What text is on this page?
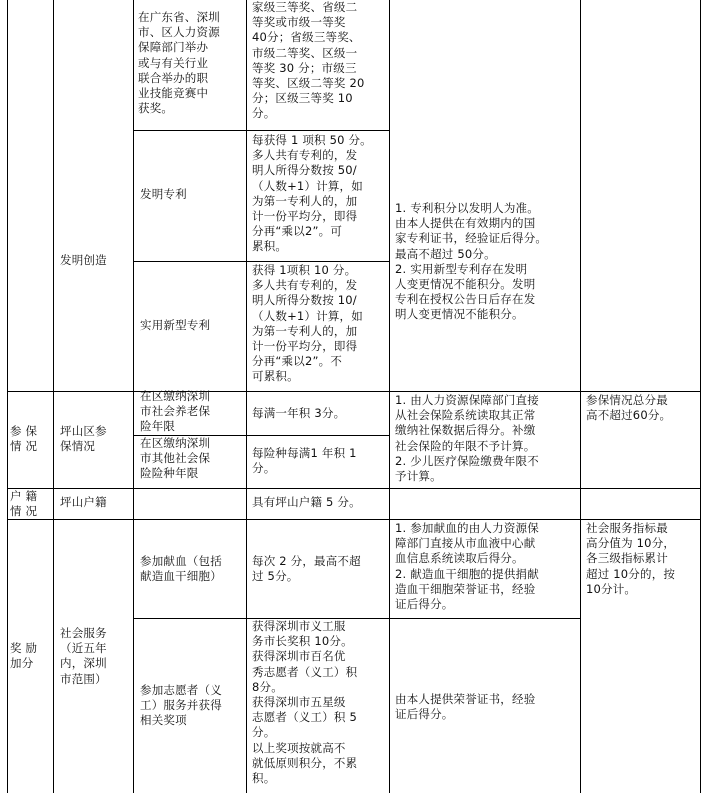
在广东省、深圳
市、区人力资源
保障部门举办
或与有关行业
联合举办的职
业技能竞赛中
获奖。
家级三等奖、省级二
等奖或市级一等奖
40分；省级三等奖、
市级二等奖、区级一
等奖 30 分；市级三
等奖、区级二等奖 20
分；区级三等奖 10
分。
发明创造
发明专利
每获得 1 项积 50 分。
多人共有专利的，发
明人所得分数按 50/
（人数+1）计算，如
为第一专利人的，加
计一份平均分，即得
分再“乘以2”。可
累积。
实用新型专利
获得 1项积 10 分。
多人共有专利的，发
明人所得分数按 10/
（人数+1）计算，如
为第一专利人的，加
计一份平均分，即得
分再“乘以2”。不
可累积。
1. 专利积分以发明人为准。
由本人提供在有效期内的国
家专利证书，经验证后得分。
最高不超过 50分。
2. 实用新型专利存在发明
人变更情况不能积分。发明
专利在授权公告日后存在发
明人变更情况不能积分。
参 保
情 况
坪山区参
保情况
在区缴纳深圳
市社会养老保
险年限
每满一年积 3分。
在区缴纳深圳
市其他社会保
险险种年限
每险种每满1 年积 1
分。
1. 由人力资源保障部门直接
从社会保险系统读取其正常
缴纳社保数据后得分。补缴
社会保险的年限不予计算。
2. 少儿医疗保险缴费年限不
予计算。
参保情况总分最
高不超过60分。
户 籍
情 况
坪山户籍	具有坪山户籍 5 分。
奖 励
加分
社会服务
（近五年
内，深圳
市范围）
参加献血（包括
献造血干细胞）
每次 2 分，最高不超
过 5分。
1. 参加献血的由人力资源保
障部门直接从市血液中心献
血信息系统读取后得分。
2. 献造血干细胞的提供捐献
造血干细胞荣誉证书，经验
证后得分。
参加志愿者（义
工）服务并获得
相关奖项
获得深圳市义工服
务市长奖积 10分。
获得深圳市百名优
秀志愿者（义工）积
8分。
获得深圳市五星级
志愿者（义工）积 5
分。
以上奖项按就高不
就低原则积分，不累
积。
由本人提供荣誉证书，经验
证后得分。
社会服务指标最
高分值为 10分，
各三级指标累计
超过 10分的，按
10分计。
